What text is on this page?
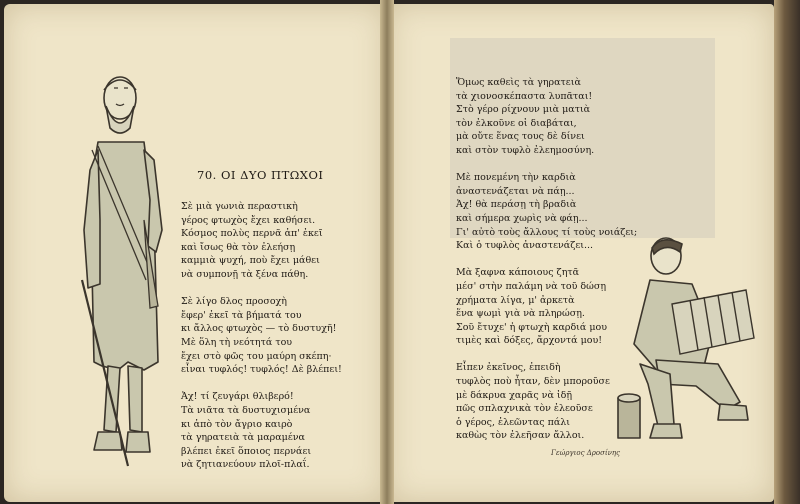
70. ΟΙ ΔΥΟ ΠΤΩΧΟΙ
Σὲ μιὰ γωνιὰ περαστικὴ
γέρος φτωχὸς ἔχει καθήσει.
Κόσμος πολὺς περνᾶ ἀπ' ἐκεῖ
καὶ ἴσως θὰ τὸν ἐλεήσῃ
καμμιὰ ψυχή, ποὺ ἔχει μάθει
νὰ συμπονῇ τὰ ξένα πάθη.
Σὲ λίγο δλος προσοχὴ
ἔφερ' ἐκεῖ τὰ βήματά του
κι ἄλλος φτωχὸς — τὸ δυστυχῆ!
Μὲ ὅλη τὴ νεότητά του
ἔχει στὸ φῶς του μαύρη σκέπη·
εἶναι τυφλός! τυφλός! Δὲ βλέπει!
Ἀχ! τί ζευγάρι θλιβερό!
Τὰ νιᾶτα τὰ δυστυχισμένα
κι ἀπὸ τὸν ἄγριο καιρὸ
τὰ γηρατειὰ τὰ μαραμένα
βλέπει ἐκεῖ ὅποιος περνάει
νὰ ζητιανεύουν πλοῖ-πλαΐ.
Ὅμως καθεὶς τὰ γηρατειὰ
τὰ χιονοσκέπαστα λυπᾶται!
Στὸ γέρο ρίχνουν μιὰ ματιὰ
τὸν ἐλκοῦνε οἱ διαβάται,
μὰ οὔτε ἕνας τους δὲ δίνει
καὶ στὸν τυφλὸ ἐλεημοσύνη.
Μὲ πονεμένη τὴν καρδιὰ
ἀναστενάζεται νὰ πάῃ...
Ἀχ! θὰ περάσῃ τὴ βραδιὰ
καὶ σήμερα χωρὶς νὰ φάῃ...
Γι' αὐτὸ τοὺς ἄλλους τί τοὺς νοιάζει;
Καὶ ὁ τυφλὸς ἀναστενάζει...
Μὰ ξαφνα κάποιους ζητᾶ
μέσ' στὴν παλάμη νὰ τοῦ δώσῃ
χρήματα λίγα, μ' ἀρκετὰ
ἕνα ψωμὶ γιὰ νὰ πληρώσῃ.
Σοῦ ἔτυχε' ἡ φτωχὴ καρδιά μου
τιμὲς καὶ δόξες, ἄρχοντά μου!
Εἶπεν ἐκεῖνος, ἐπειδὴ
τυφλὸς ποὺ ἦταν, δὲν μποροῦσε
μὲ δάκρυα χαρᾶς νὰ ἰδῇ
πῶς σπλαχνικὰ τὸν ἐλεοῦσε
ὁ γέρος, ἐλεῶντας πάλι
καθὼς τὸν ἐλεῆσαν ἄλλοι.
Γεώργιος Δροσίνης
